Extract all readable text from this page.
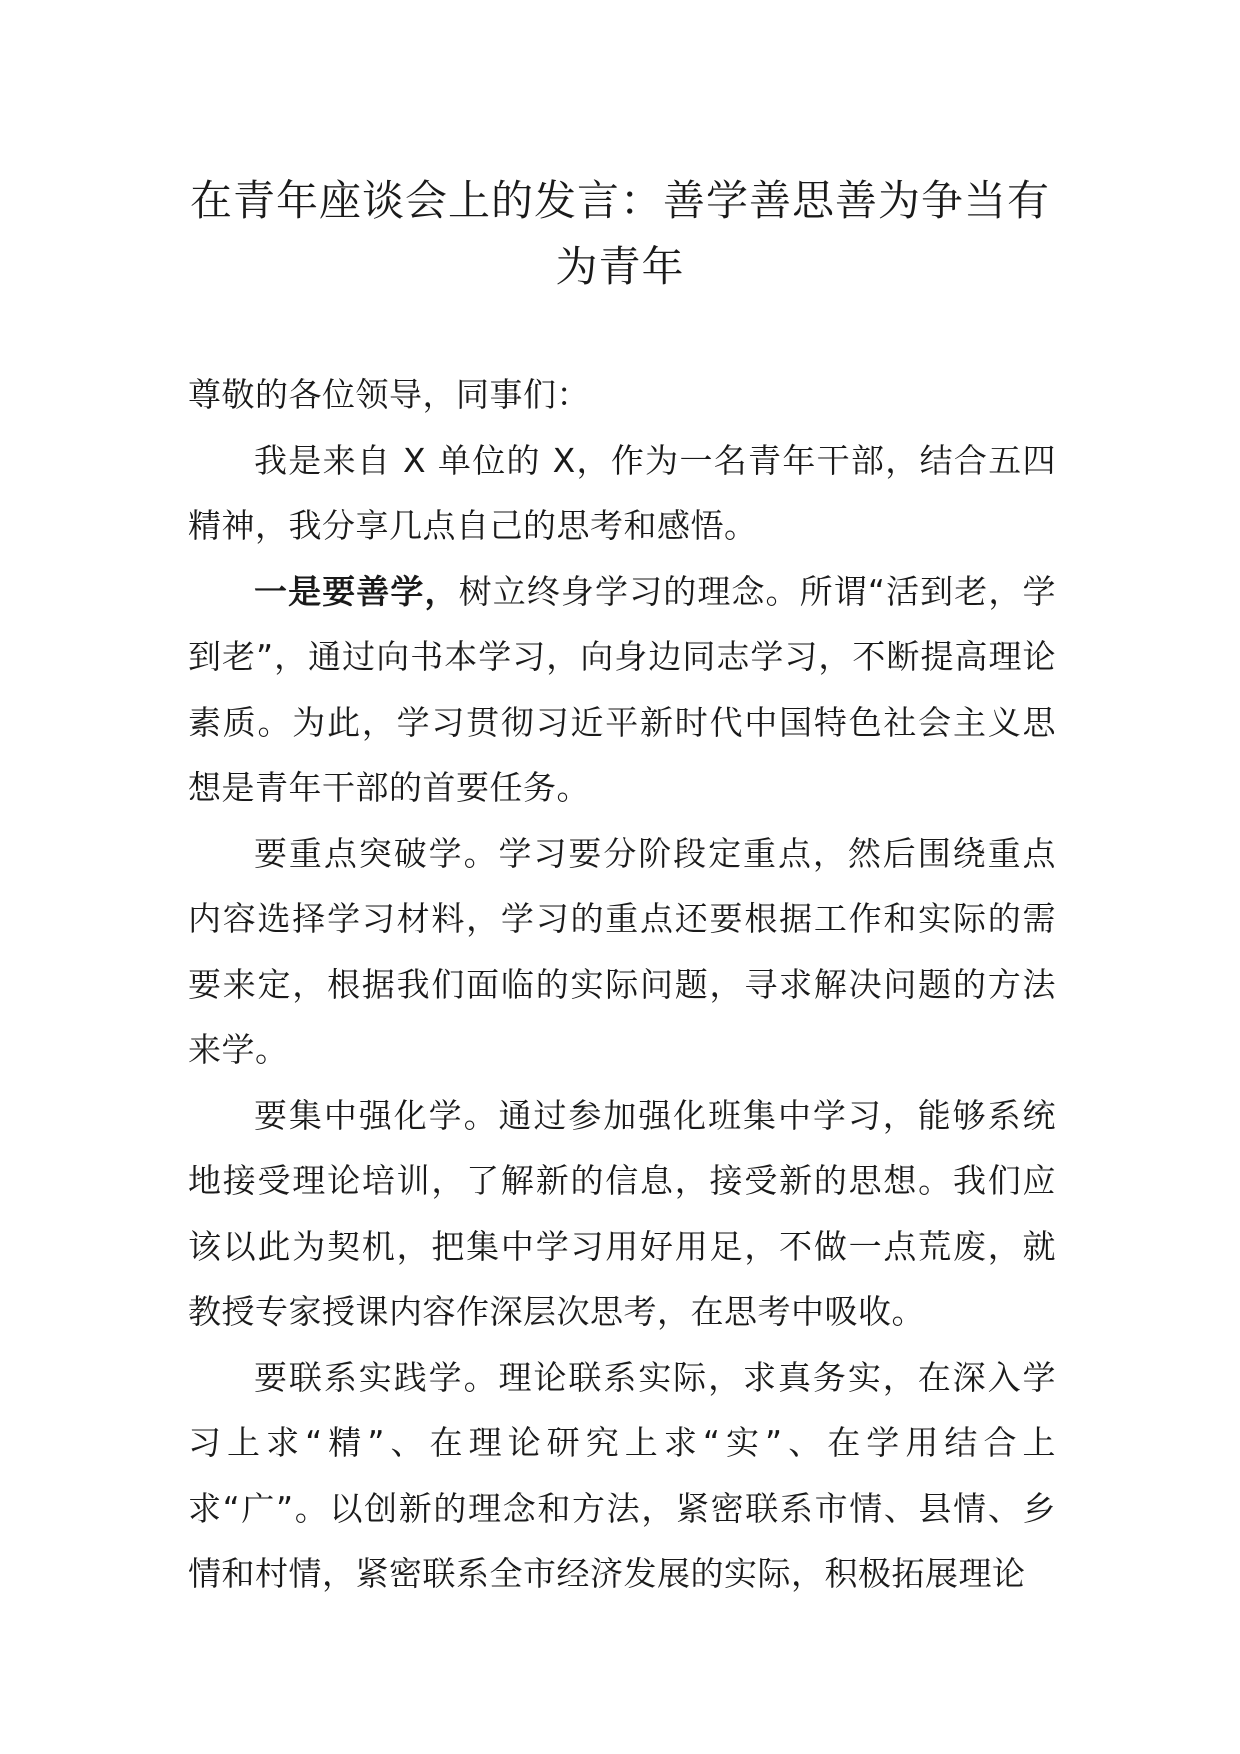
在青年座谈会上的发言：善学善思善为争当有
为青年

尊敬的各位领导，同事们：

我是来自 X 单位的 X，作为一名青年干部，结合五四精神，我分享几点自己的思考和感悟。

一是要善学，树立终身学习的理念。所谓“活到老，学到老”，通过向书本学习，向身边同志学习，不断提高理论素质。为此，学习贯彻习近平新时代中国特色社会主义思想是青年干部的首要任务。

要重点突破学。学习要分阶段定重点，然后围绕重点内容选择学习材料，学习的重点还要根据工作和实际的需要来定，根据我们面临的实际问题，寻求解决问题的方法来学。

要集中强化学。通过参加强化班集中学习，能够系统地接受理论培训，了解新的信息，接受新的思想。我们应该以此为契机，把集中学习用好用足，不做一点荒废，就教授专家授课内容作深层次思考，在思考中吸收。

要联系实践学。理论联系实际，求真务实，在深入学习上求“精”、在理论研究上求“实”、在学用结合上求“广”。以创新的理念和方法，紧密联系市情、县情、乡情和村情，紧密联系全市经济发展的实际，积极拓展理论
